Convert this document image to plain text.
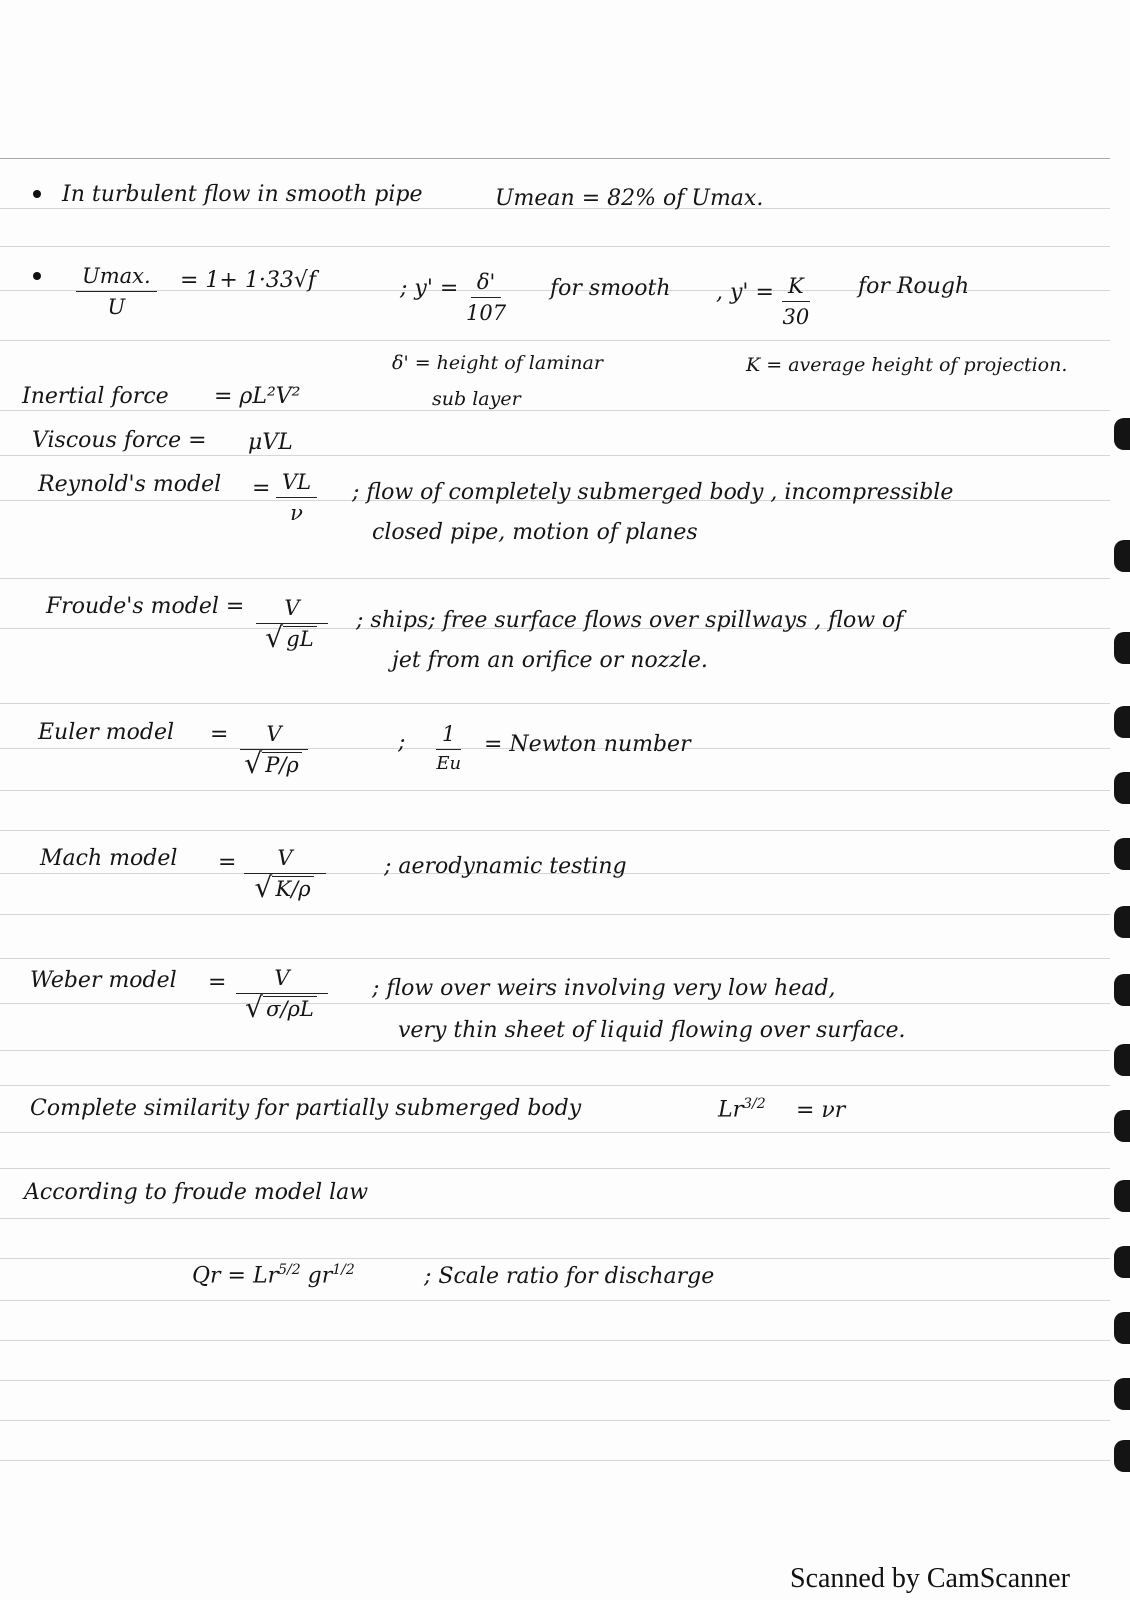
In turbulent flow in smooth pipe	Umean = 82% of Umax.
Umax.
U
= 1+ 1·33√f	; $y' = \frac{\delta'}{107}$ for smooth , $y' = \frac{K}{30}$ for Rough
δ' = height of laminar
sub layer
K = average height of projection.
Inertial force = ρL²V²
Viscous force = μVL
Reynold's model = $\frac{VL}{\nu}$ ; flow of completely submerged body , incompressible
closed pipe, motion of planes
Froude's model = V
√ gL ; ships; free surface flows over spillways , flow of
jet from an orifice or nozzle.
Euler model = V
√ P/ρ	; $\frac{1}{Eu}$ = Newton number
Mach model = V
√ K/ρ	; aerodynamic testing
Weber model = V
√ σ/ρL ; flow over weirs involving very low head,
very thin sheet of liquid flowing over surface.
Complete similarity for partially submerged body	$Lr^{3/2} = \nu r$
According to froude model law
$Qr = Lr^{5/2}$ $gr^{1/2}$	; Scale ratio for discharge
Scanned by CamScanner
